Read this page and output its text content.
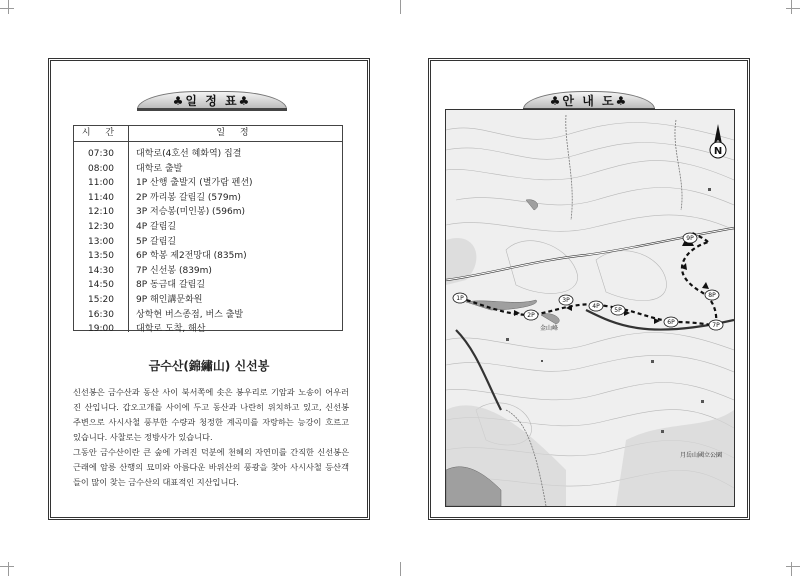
♣일 정 표♣
시 간	일 정
07:30	대학로(4호선 혜화역) 집결
08:00	대학로 출발
11:00	1P 산행 출발지 (별가람 펜션)
11:40	2P 까리봉 갈림길 (579m)
12:10	3P 저승봉(미인봉) (596m)
12:30	4P 갈림길
13:00	5P 갈림길
13:50	6P 학봉 제2전망대 (835m)
14:30	7P 신선봉 (839m)
14:50	8P 동금대 갈림길
15:20	9P 해인講문화원
16:30	상학현 버스종점, 버스 출발
19:00	대학로 도착, 해산
금수산(錦繡山) 신선봉

신선봉은 금수산과 동산 사이 북서쪽에 솟은 봉우리로 기암과 노송이 어우러진 산입니다. 갑오고개를 사이에 두고 동산과 나란히 위치하고 있고, 신선봉 주변으로 사시사철 풍부한 수량과 청정한 계곡미를 자랑하는 능강이 흐르고 있습니다. 사찰로는 정방사가 있습니다.

그동안 금수산이란 큰 숲에 가려진 덕분에 천혜의 자연미를 간직한 신선봉은 근래에 암릉 산행의 묘미와 아름다운 바위산의 풍광을 찾아 사시사철 등산객들이 많이 찾는 금수산의 대표적인 지산입니다.

♣안 내 도♣
N
1P
2P
3P
4P
5P
6P	7P
8P
9P
金山峰
月岳山國立公園
